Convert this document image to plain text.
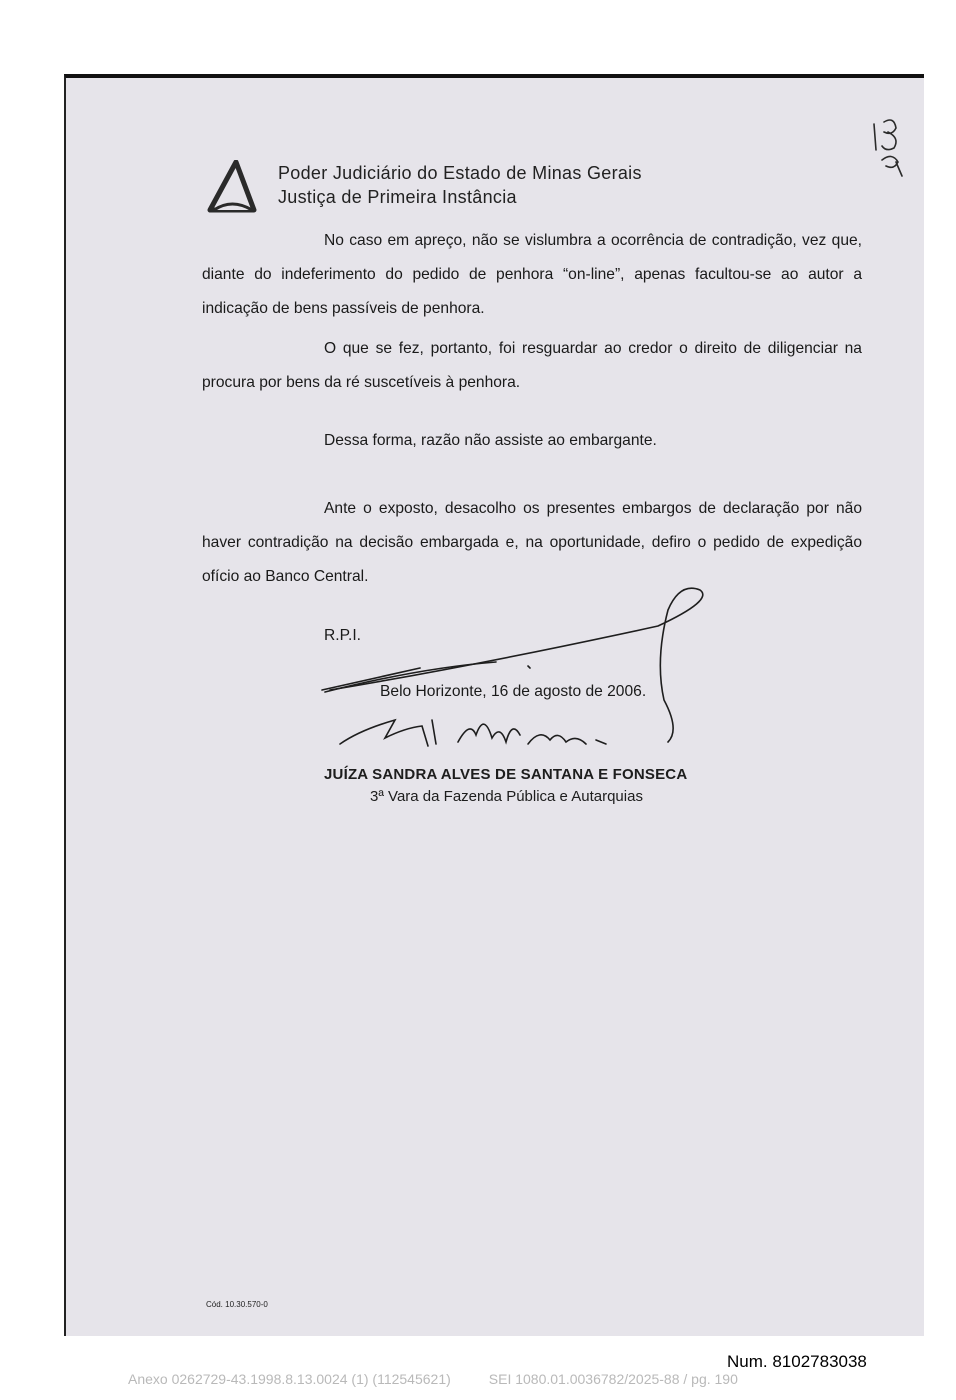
Poder Judiciário do Estado de Minas Gerais
Justiça de Primeira Instância
No caso em apreço, não se vislumbra a ocorrência de contradição, vez que, diante do indeferimento do pedido de penhora “on-line”, apenas facultou-se ao autor a indicação de bens passíveis de penhora.
O que se fez, portanto, foi resguardar ao credor o direito de diligenciar na procura por bens da ré suscetíveis à penhora.
Dessa forma, razão não assiste ao embargante.
Ante o exposto, desacolho os presentes embargos de declaração por não haver contradição na decisão embargada e, na oportunidade, defiro o pedido de expedição ofício ao Banco Central.
R.P.I.
Belo Horizonte, 16 de agosto de 2006.
JUÍZA SANDRA ALVES DE SANTANA E FONSECA
3ª Vara da Fazenda Pública e Autarquias
Cód. 10.30.570-0
Num. 8102783038
Anexo 0262729-43.1998.8.13.0024 (1) (112545621)	SEI 1080.01.0036782/2025-88 / pg. 190
